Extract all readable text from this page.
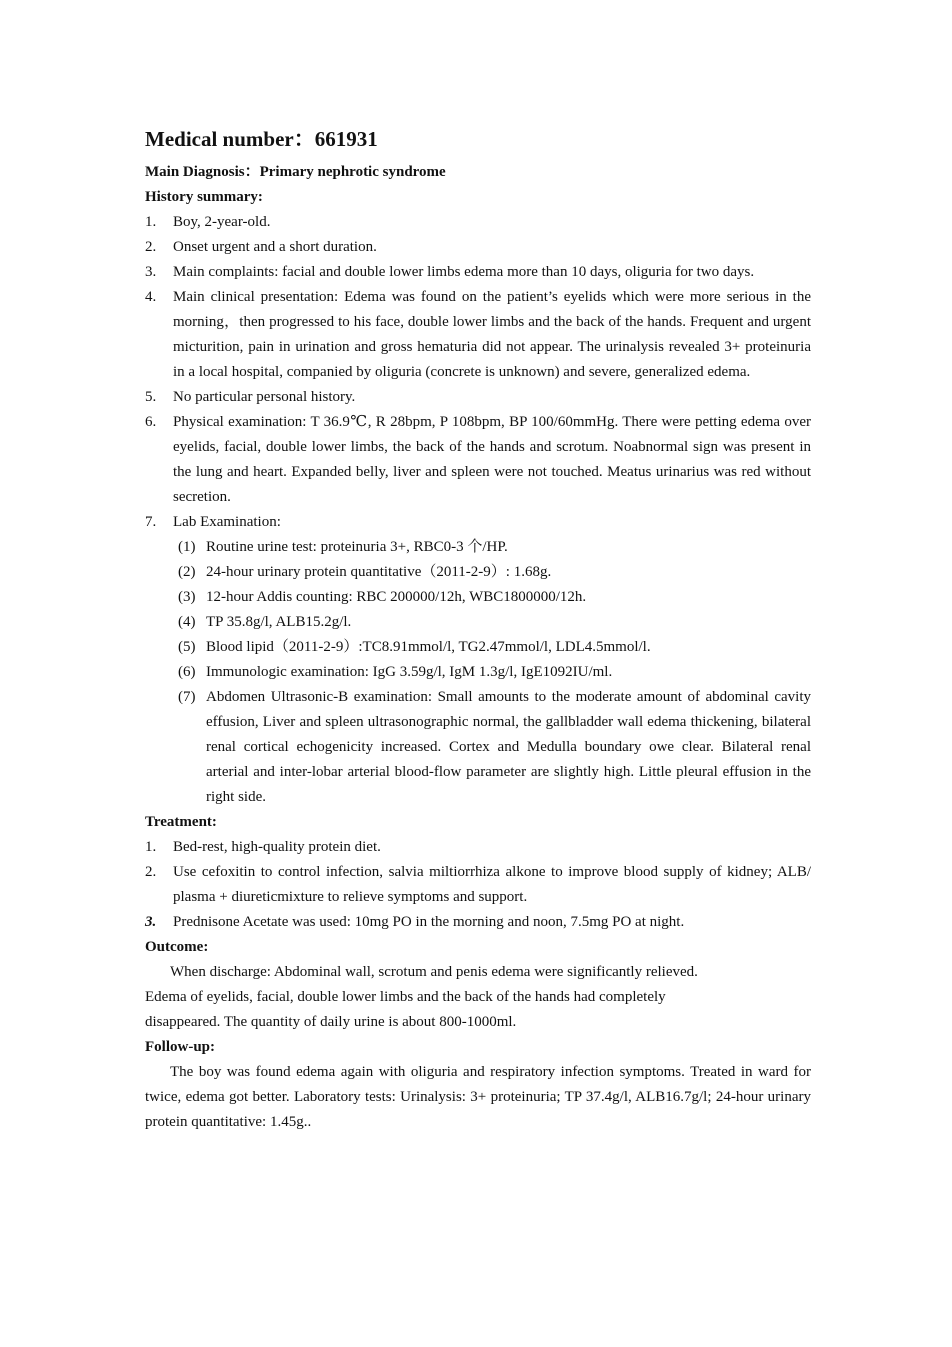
Medical number：661931

Main Diagnosis：Primary nephrotic syndrome

History summary:

1.	Boy, 2-year-old.
2.	Onset urgent and a short duration.
3.	Main complaints: facial and double lower limbs edema more than 10 days, oliguria for two days.
4.	Main clinical presentation: Edema was found on the patient’s eyelids which were more serious in the morning，then progressed to his face, double lower limbs and the back of the hands. Frequent and urgent micturition, pain in urination and gross hematuria did not appear. The urinalysis revealed 3+ proteinuria in a local hospital, companied by oliguria (concrete is unknown) and severe, generalized edema.
5.	No particular personal history.
6.	Physical examination: T 36.9℃, R 28bpm, P 108bpm, BP 100/60mmHg. There were petting edema over eyelids, facial, double lower limbs, the back of the hands and scrotum. Noabnormal sign was present in the lung and heart. Expanded belly, liver and spleen were not touched. Meatus urinarius was red without secretion.
7.	Lab Examination:
(1) Routine urine test: proteinuria 3+, RBC0-3 个/HP.
(2) 24-hour urinary protein quantitative（2011-2-9）: 1.68g.
(3) 12-hour Addis counting: RBC 200000/12h, WBC1800000/12h.
(4) TP 35.8g/l, ALB15.2g/l.
(5) Blood lipid（2011-2-9）:TC8.91mmol/l, TG2.47mmol/l, LDL4.5mmol/l.
(6) Immunologic examination: IgG 3.59g/l, IgM 1.3g/l, IgE1092IU/ml.
(7) Abdomen Ultrasonic-B examination: Small amounts to the moderate amount of abdominal cavity effusion, Liver and spleen ultrasonographic normal, the gallbladder wall edema thickening, bilateral renal cortical echogenicity increased. Cortex and Medulla boundary owe clear. Bilateral renal arterial and inter-lobar arterial blood-flow parameter are slightly high. Little pleural effusion in the right side.

Treatment:

1.	Bed-rest, high-quality protein diet.
2.	Use cefoxitin to control infection, salvia miltiorrhiza alkone to improve blood supply of kidney; ALB/ plasma + diureticmixture to relieve symptoms and support.
3.	Prednisone Acetate was used: 10mg PO in the morning and noon, 7.5mg PO at night.

Outcome:

When discharge: Abdominal wall, scrotum and penis edema were significantly relieved.

Edema of eyelids, facial, double lower limbs and the back of the hands had completely

disappeared. The quantity of daily urine is about 800-1000ml.

Follow-up:

The boy was found edema again with oliguria and respiratory infection symptoms. Treated in ward for twice, edema got better. Laboratory tests: Urinalysis: 3+ proteinuria; TP 37.4g/l, ALB16.7g/l; 24-hour urinary protein quantitative: 1.45g..
